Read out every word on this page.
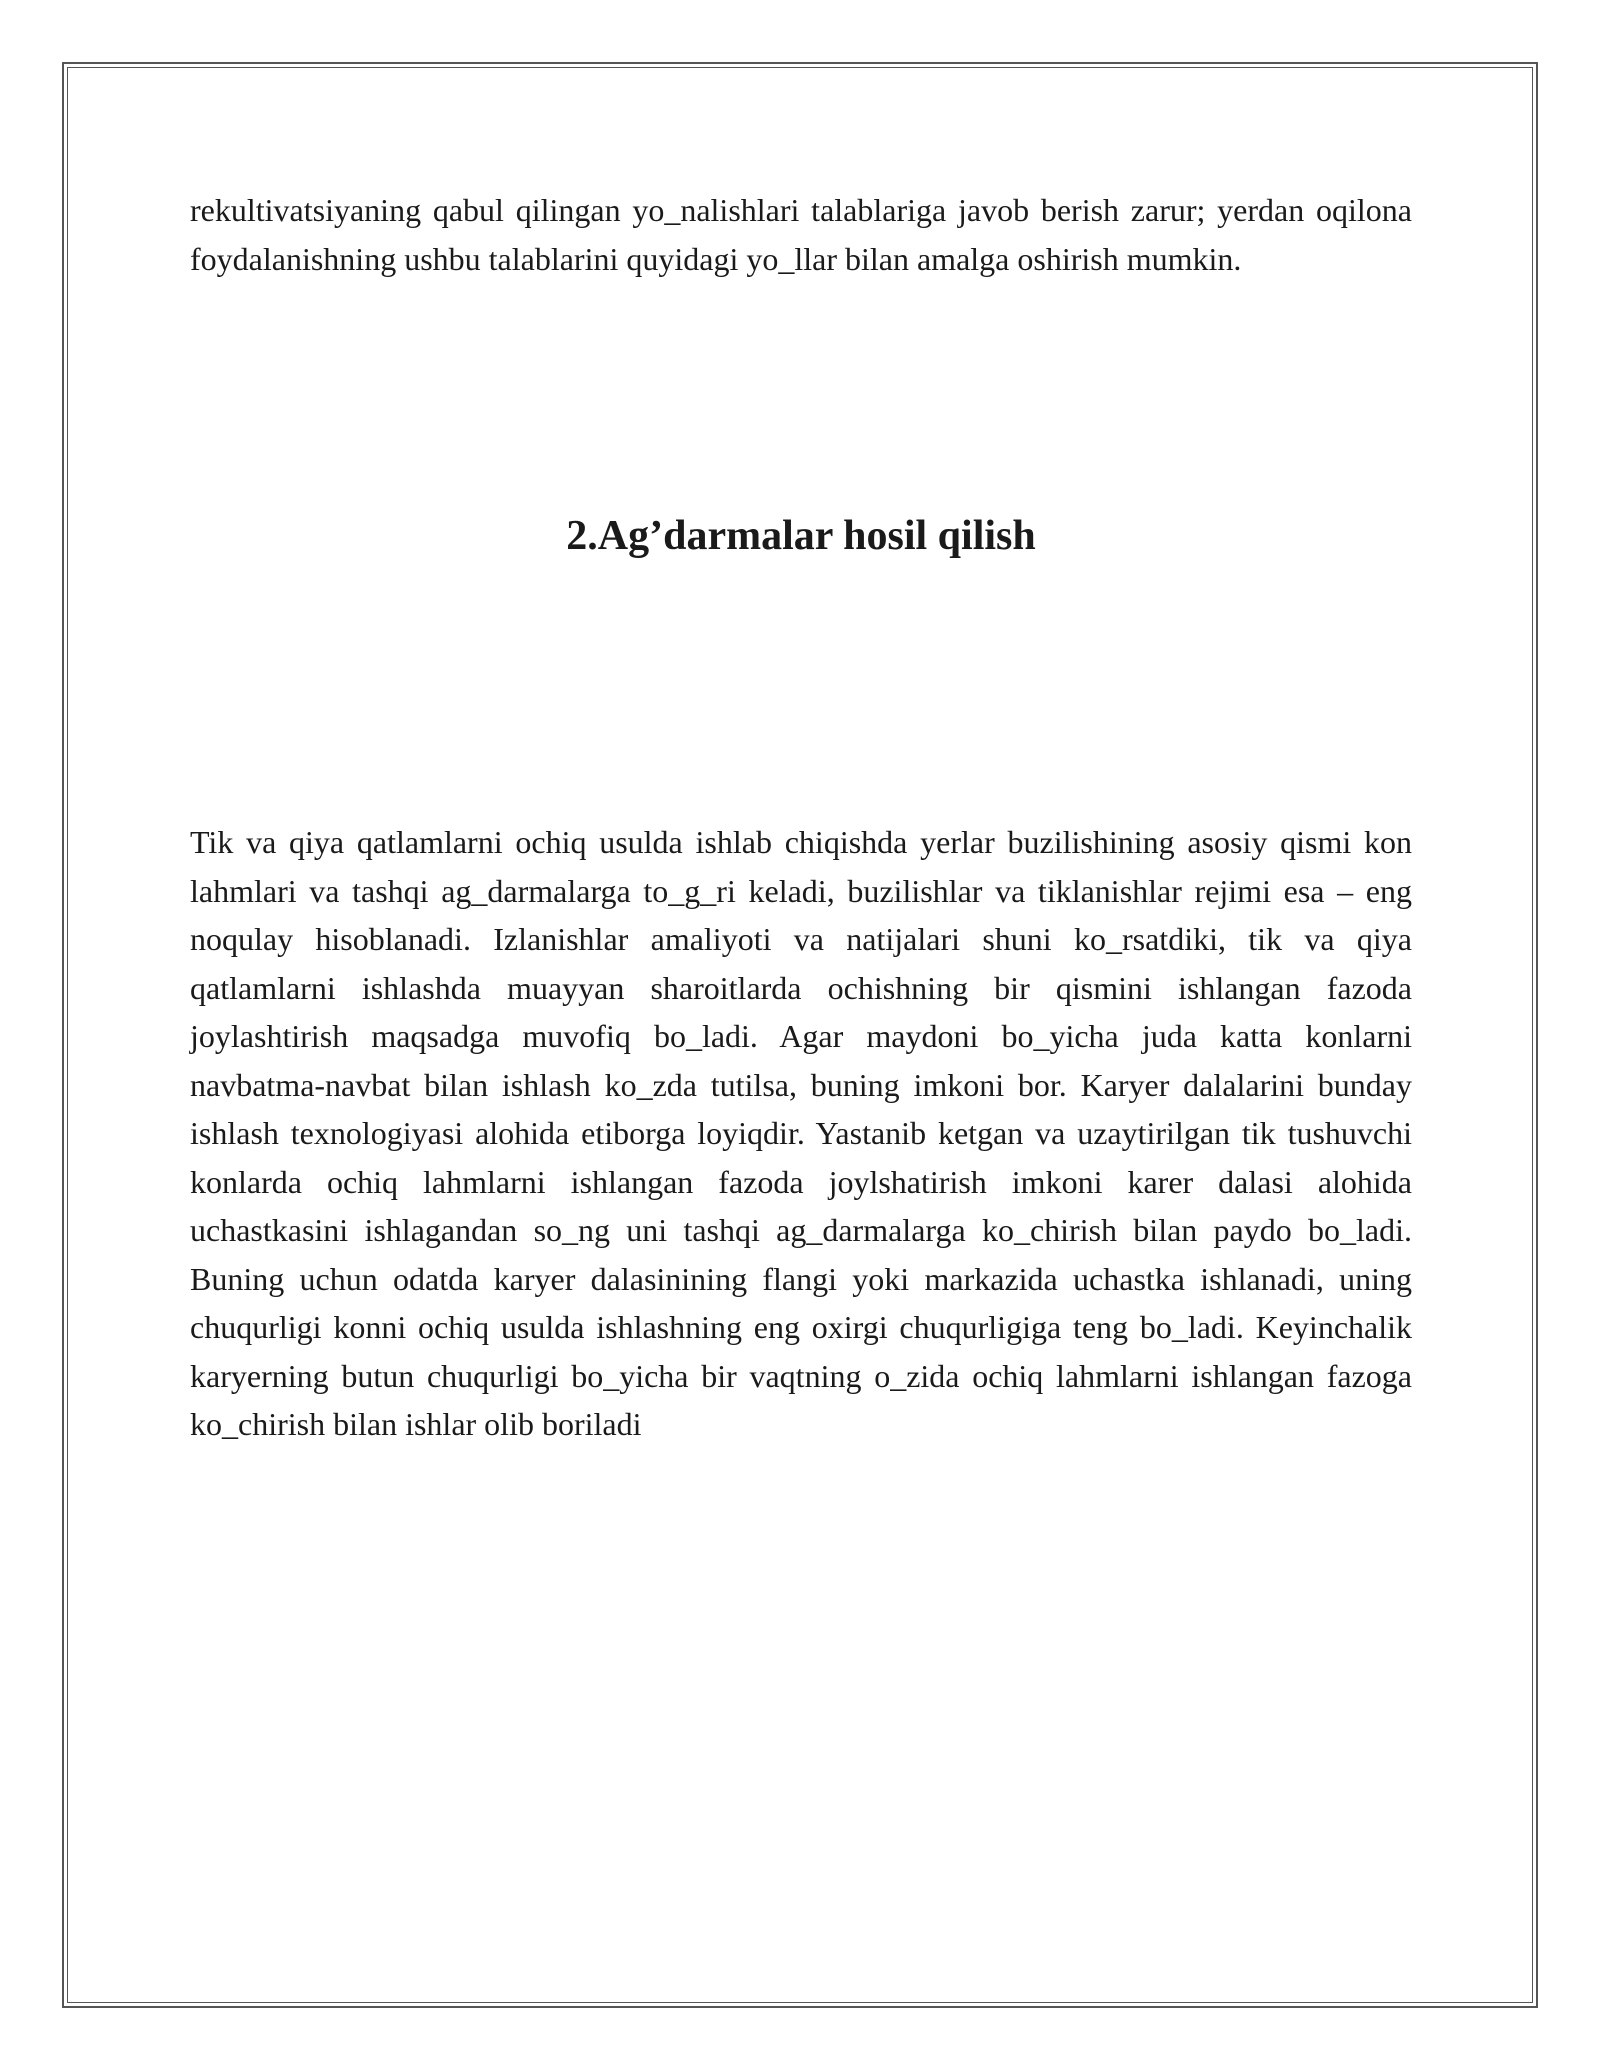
rekultivatsiyaning qabul qilingan yo_nalishlari talablariga javob berish zarur; yerdan oqilona foydalanishning ushbu talablarini quyidagi yo_llar bilan amalga oshirish mumkin.

2.Ag’darmalar hosil qilish

Tik va qiya qatlamlarni ochiq usulda ishlab chiqishda yerlar buzilishining asosiy qismi kon lahmlari va tashqi ag_darmalarga to_g_ri keladi, buzilishlar va tiklanishlar rejimi esa – eng noqulay hisoblanadi. Izlanishlar amaliyoti va natijalari shuni ko_rsatdiki, tik va qiya qatlamlarni ishlashda muayyan sharoitlarda ochishning bir qismini ishlangan fazoda joylashtirish maqsadga muvofiq bo_ladi. Agar maydoni bo_yicha juda katta konlarni navbatma-navbat bilan ishlash ko_zda tutilsa, buning imkoni bor. Karyer dalalarini bunday ishlash texnologiyasi alohida etiborga loyiqdir. Yastanib ketgan va uzaytirilgan tik tushuvchi konlarda ochiq lahmlarni ishlangan fazoda joylshatirish imkoni karer dalasi alohida uchastkasini ishlagandan so_ng uni tashqi ag_darmalarga ko_chirish bilan paydo bo_ladi. Buning uchun odatda karyer dalasinining flangi yoki markazida uchastka ishlanadi, uning chuqurligi konni ochiq usulda ishlashning eng oxirgi chuqurligiga teng bo_ladi. Keyinchalik karyerning butun chuqurligi bo_yicha bir vaqtning o_zida ochiq lahmlarni ishlangan fazoga ko_chirish bilan ishlar olib boriladi
